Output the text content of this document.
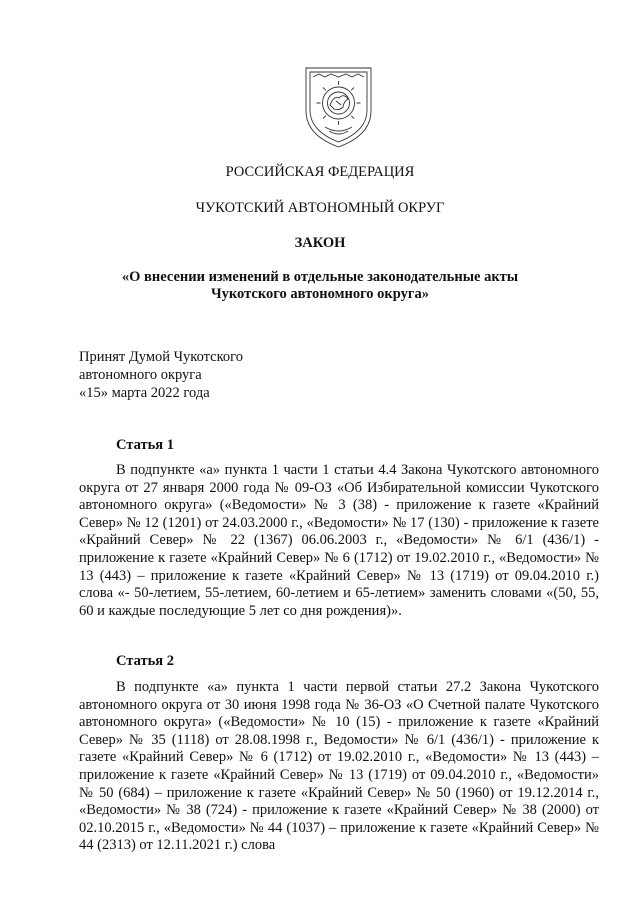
РОССИЙСКАЯ ФЕДЕРАЦИЯ
ЧУКОТСКИЙ АВТОНОМНЫЙ ОКРУГ
ЗАКОН
«О внесении изменений в отдельные законодательные акты
Чукотского автономного округа»
Принят Думой Чукотского
автономного округа
«15» марта 2022 года
Статья 1
В подпункте «а» пункта 1 части 1 статьи 4.4 Закона Чукотского автономного округа от 27 января 2000 года № 09-ОЗ «Об Избирательной комиссии Чукотского автономного округа» («Ведомости» № 3 (38) - приложение к газете «Крайний Север» № 12 (1201) от 24.03.2000 г., «Ведомости» № 17 (130) - приложение к газете «Крайний Север» № 22 (1367) 06.06.2003 г., «Ведомости» № 6/1 (436/1) - приложение к газете «Крайний Север» № 6 (1712) от 19.02.2010 г., «Ведомости» № 13 (443) – приложение к газете «Крайний Север» № 13 (1719) от 09.04.2010 г.) слова «- 50-летием, 55-летием, 60-летием и 65-летием» заменить словами «(50, 55, 60 и каждые последующие 5 лет со дня рождения)».
Статья 2
В подпункте «а» пункта 1 части первой статьи 27.2 Закона Чукотского автономного округа от 30 июня 1998 года № 36-ОЗ «О Счетной палате Чукотского автономного округа» («Ведомости» № 10 (15) - приложение к газете «Крайний Север» № 35 (1118) от 28.08.1998 г., Ведомости» № 6/1 (436/1) - приложение к газете «Крайний Север» № 6 (1712) от 19.02.2010 г., «Ведомости» № 13 (443) – приложение к газете «Крайний Север» № 13 (1719) от 09.04.2010 г., «Ведомости» № 50 (684) – приложение к газете «Крайний Север» № 50 (1960) от 19.12.2014 г., «Ведомости» № 38 (724) - приложение к газете «Крайний Север» № 38 (2000) от 02.10.2015 г., «Ведомости» № 44 (1037) – приложение к газете «Крайний Север» № 44 (2313) от 12.11.2021 г.) слова
